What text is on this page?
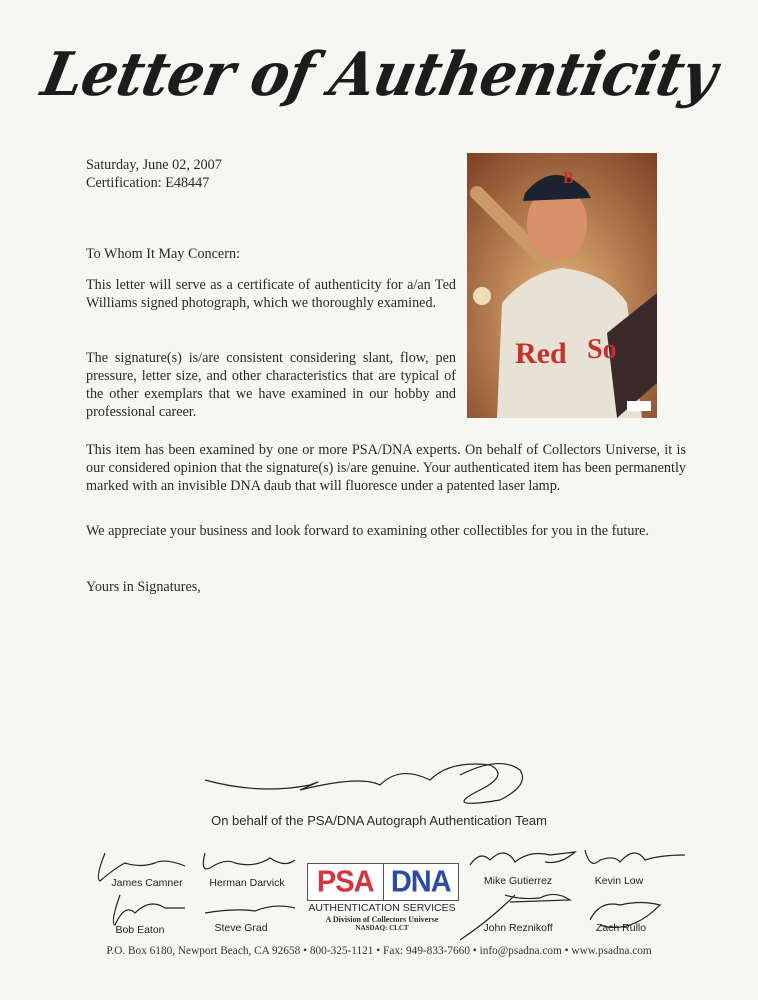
Letter of Authenticity
Saturday, June 02, 2007
Certification: E48447	B
Red So
To Whom It May Concern:
This letter will serve as a certificate of authenticity for a/an Ted Williams signed photograph, which we thoroughly examined.
The signature(s) is/are consistent considering slant, flow, pen pressure, letter size, and other characteristics that are typical of the other exemplars that we have examined in our hobby and professional career.
This item has been examined by one or more PSA/DNA experts. On behalf of Collectors Universe, it is our considered opinion that the signature(s) is/are genuine. Your authenticated item has been permanently marked with an invisible DNA daub that will fluoresce under a patented laser lamp.
We appreciate your business and look forward to examining other collectibles for you in the future.
Yours in Signatures,
On behalf of the PSA/DNA Autograph Authentication Team
James Camner	Herman Darvick
Bob Eaton	Steve Grad
PSA DNA
AUTHENTICATION SERVICES
A Division of Collectors Universe
NASDAQ: CLCT
Mike Gutierrez	Kevin Low
John Reznikoff	Zach Rullo
P.O. Box 6180, Newport Beach, CA 92658 • 800-325-1121 • Fax: 949-833-7660 • info@psadna.com • www.psadna.com
